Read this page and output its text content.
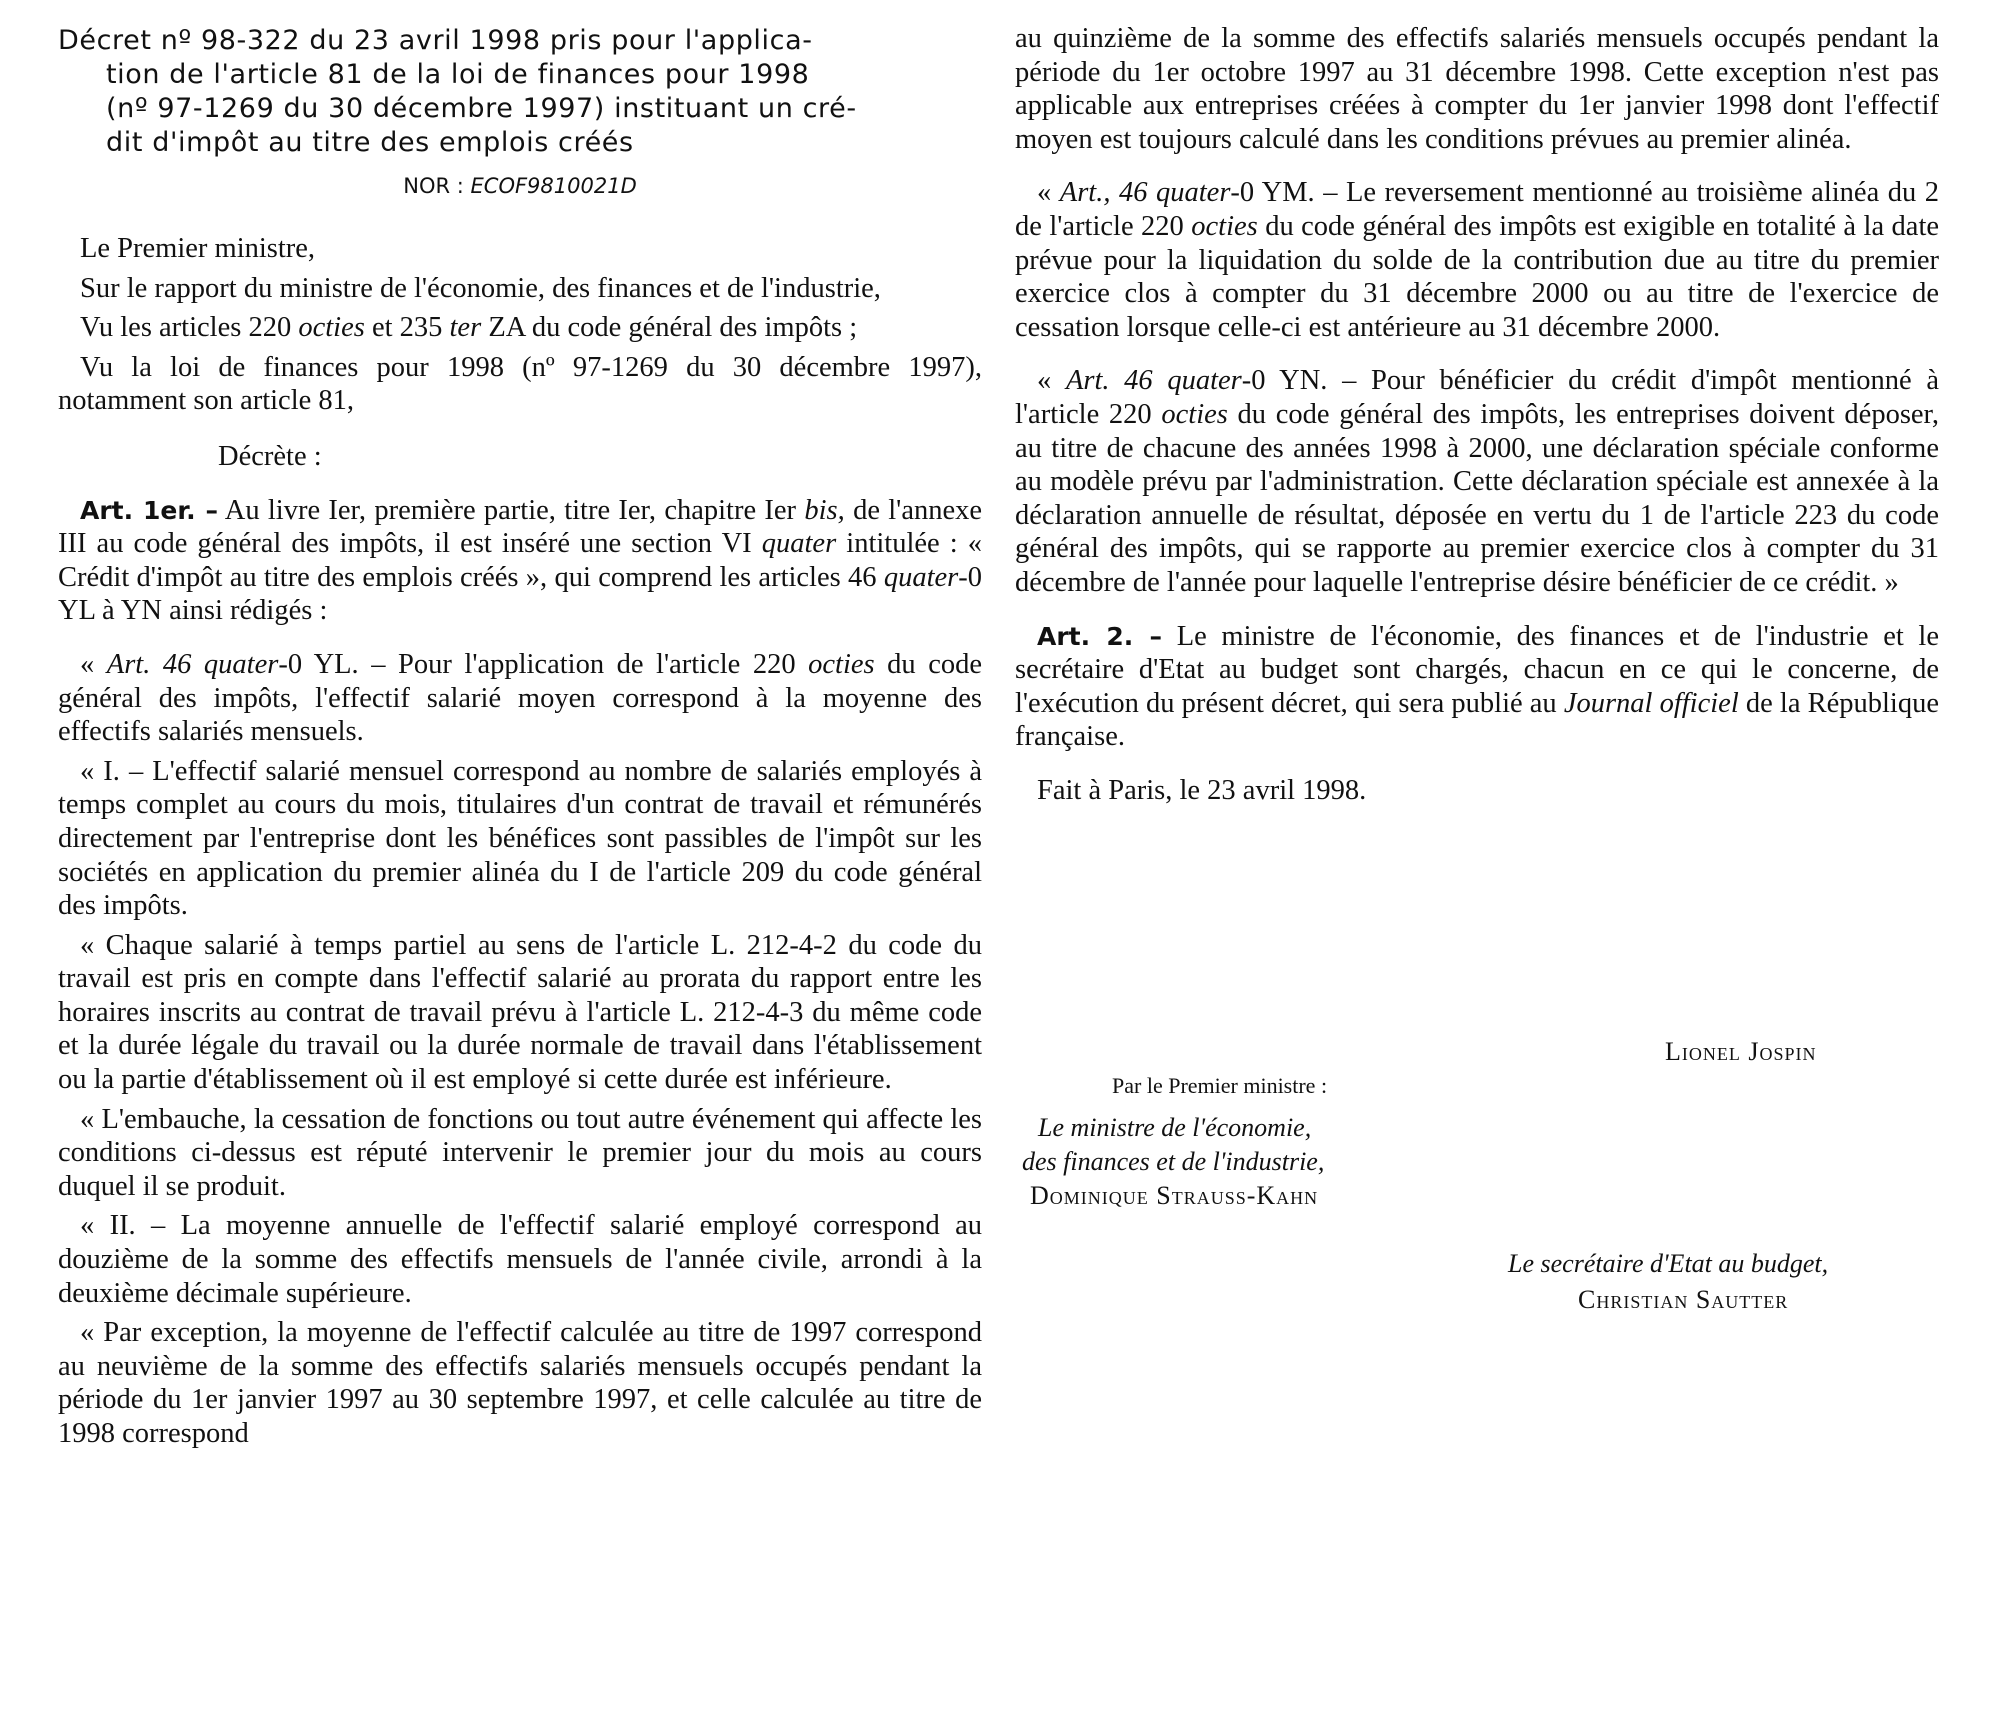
Décret nº 98-322 du 23 avril 1998 pris pour l'applica-
tion de l'article 81 de la loi de finances pour 1998
(nº 97-1269 du 30 décembre 1997) instituant un cré-
dit d'impôt au titre des emplois créés
NOR : ECOF9810021D

Le Premier ministre,

Sur le rapport du ministre de l'économie, des finances et de l'industrie,

Vu les articles 220 octies et 235 ter ZA du code général des impôts ;

Vu la loi de finances pour 1998 (nº 97-1269 du 30 décembre 1997), notamment son article 81,

Décrète :

Art. 1er. – Au livre Ier, première partie, titre Ier, chapitre Ier bis, de l'annexe III au code général des impôts, il est inséré une section VI quater intitulée : « Crédit d'impôt au titre des emplois créés », qui comprend les articles 46 quater-0 YL à YN ainsi rédigés :

« Art. 46 quater-0 YL. – Pour l'application de l'article 220 octies du code général des impôts, l'effectif salarié moyen correspond à la moyenne des effectifs salariés mensuels.

« I. – L'effectif salarié mensuel correspond au nombre de salariés employés à temps complet au cours du mois, titulaires d'un contrat de travail et rémunérés directement par l'entreprise dont les bénéfices sont passibles de l'impôt sur les sociétés en application du premier alinéa du I de l'article 209 du code général des impôts.

« Chaque salarié à temps partiel au sens de l'article L. 212-4-2 du code du travail est pris en compte dans l'effectif salarié au prorata du rapport entre les horaires inscrits au contrat de travail prévu à l'article L. 212-4-3 du même code et la durée légale du travail ou la durée normale de travail dans l'établissement ou la partie d'établissement où il est employé si cette durée est inférieure.

« L'embauche, la cessation de fonctions ou tout autre événement qui affecte les conditions ci-dessus est réputé intervenir le premier jour du mois au cours duquel il se produit.

« II. – La moyenne annuelle de l'effectif salarié employé correspond au douzième de la somme des effectifs mensuels de l'année civile, arrondi à la deuxième décimale supérieure.

« Par exception, la moyenne de l'effectif calculée au titre de 1997 correspond au neuvième de la somme des effectifs salariés mensuels occupés pendant la période du 1er janvier 1997 au 30 septembre 1997, et celle calculée au titre de 1998 correspond

au quinzième de la somme des effectifs salariés mensuels occupés pendant la période du 1er octobre 1997 au 31 décembre 1998. Cette exception n'est pas applicable aux entreprises créées à compter du 1er janvier 1998 dont l'effectif moyen est toujours calculé dans les conditions prévues au premier alinéa.

« Art., 46 quater-0 YM. – Le reversement mentionné au troisième alinéa du 2 de l'article 220 octies du code général des impôts est exigible en totalité à la date prévue pour la liquidation du solde de la contribution due au titre du premier exercice clos à compter du 31 décembre 2000 ou au titre de l'exercice de cessation lorsque celle-ci est antérieure au 31 décembre 2000.

« Art. 46 quater-0 YN. – Pour bénéficier du crédit d'impôt mentionné à l'article 220 octies du code général des impôts, les entreprises doivent déposer, au titre de chacune des années 1998 à 2000, une déclaration spéciale conforme au modèle prévu par l'administration. Cette déclaration spéciale est annexée à la déclaration annuelle de résultat, déposée en vertu du 1 de l'article 223 du code général des impôts, qui se rapporte au premier exercice clos à compter du 31 décembre de l'année pour laquelle l'entreprise désire bénéficier de ce crédit. »

Art. 2. – Le ministre de l'économie, des finances et de l'industrie et le secrétaire d'Etat au budget sont chargés, chacun en ce qui le concerne, de l'exécution du présent décret, qui sera publié au Journal officiel de la République française.

Fait à Paris, le 23 avril 1998.

Lionel Jospin
Par le Premier ministre :
Le ministre de l'économie,
des finances et de l'industrie,
Dominique Strauss-Kahn
Le secrétaire d'Etat au budget,
Christian Sautter
